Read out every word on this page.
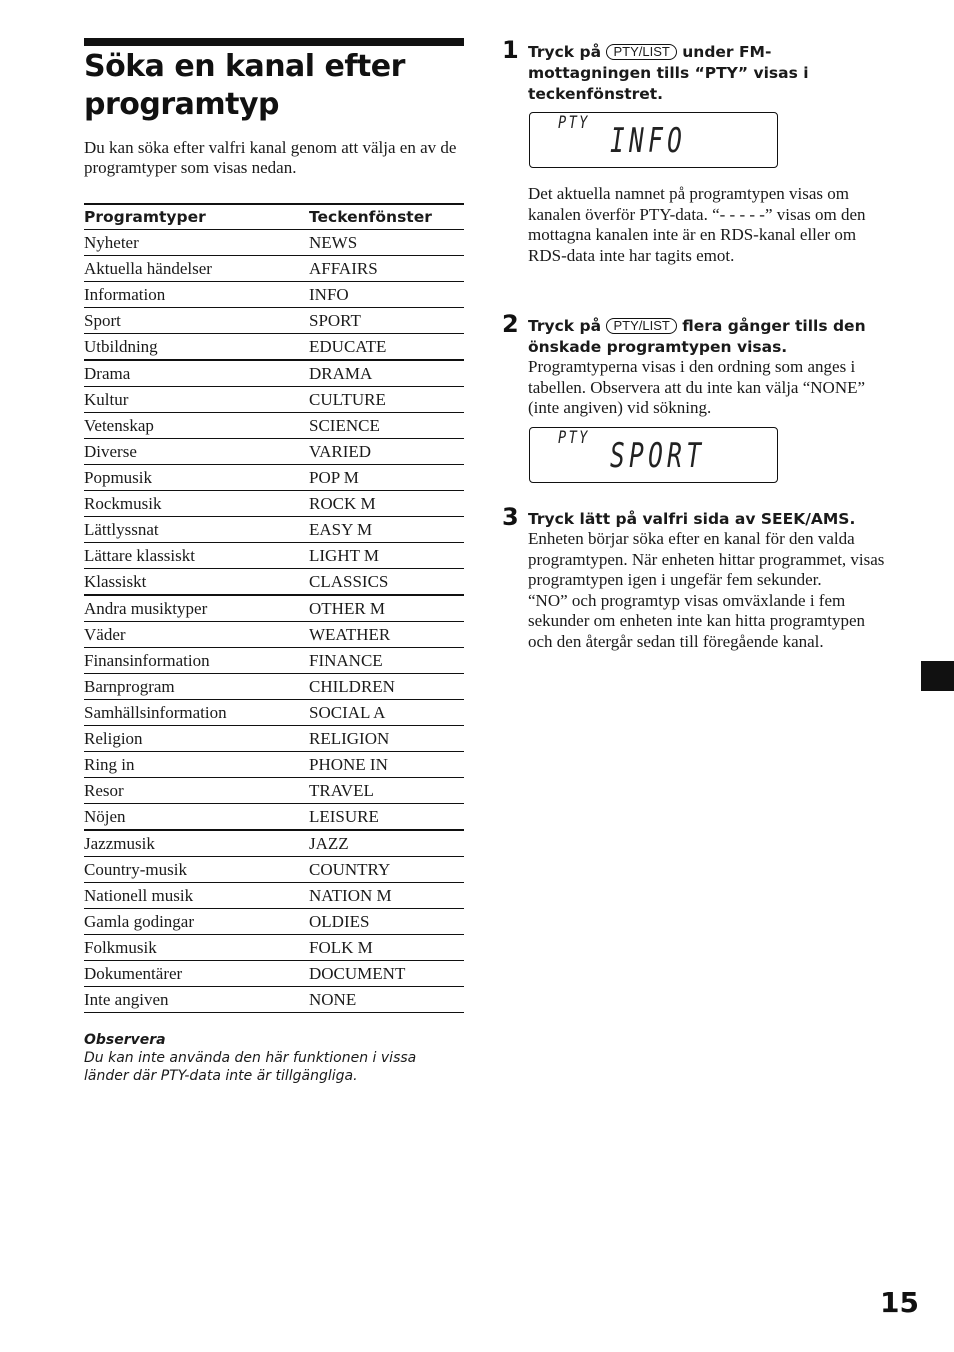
Söka en kanal efter programtyp

Du kan söka efter valfri kanal genom att välja en av de programtyper som visas nedan.

Programtyper	Teckenfönster
Nyheter	NEWS
Aktuella händelser	AFFAIRS
Information	INFO
Sport	SPORT
Utbildning	EDUCATE
Drama	DRAMA
Kultur	CULTURE
Vetenskap	SCIENCE
Diverse	VARIED
Popmusik	POP M
Rockmusik	ROCK M
Lättlyssnat	EASY M
Lättare klassiskt	LIGHT M
Klassiskt	CLASSICS
Andra musiktyper	OTHER M
Väder	WEATHER
Finansinformation	FINANCE
Barnprogram	CHILDREN
Samhällsinformation	SOCIAL A
Religion	RELIGION
Ring in	PHONE IN
Resor	TRAVEL
Nöjen	LEISURE
Jazzmusik	JAZZ
Country-musik	COUNTRY
Nationell musik	NATION M
Gamla godingar	OLDIES
Folkmusik	FOLK M
Dokumentärer	DOCUMENT
Inte angiven	NONE
Observera
Du kan inte använda den här funktionen i vissa länder där PTY-data inte är tillgängliga.
1 Tryck på PTY/LIST under FM-mottagningen tills “PTY” visas i teckenfönstret.

PTY INFO

Det aktuella namnet på programtypen visas om kanalen överför PTY-data. “- - - - -” visas om den mottagna kanalen inte är en RDS-kanal eller om RDS-data inte har tagits emot.

2 Tryck på PTY/LIST flera gånger tills den önskade programtypen visas.

Programtyperna visas i den ordning som anges i tabellen. Observera att du inte kan välja “NONE” (inte angiven) vid sökning.

PTY SPORT
3 Tryck lätt på valfri sida av SEEK/AMS.

Enheten börjar söka efter en kanal för den valda programtypen. När enheten hittar programmet, visas programtypen igen i ungefär fem sekunder.
“NO” och programtyp visas omväxlande i fem sekunder om enheten inte kan hitta programtypen och den återgår sedan till föregående kanal.

15
